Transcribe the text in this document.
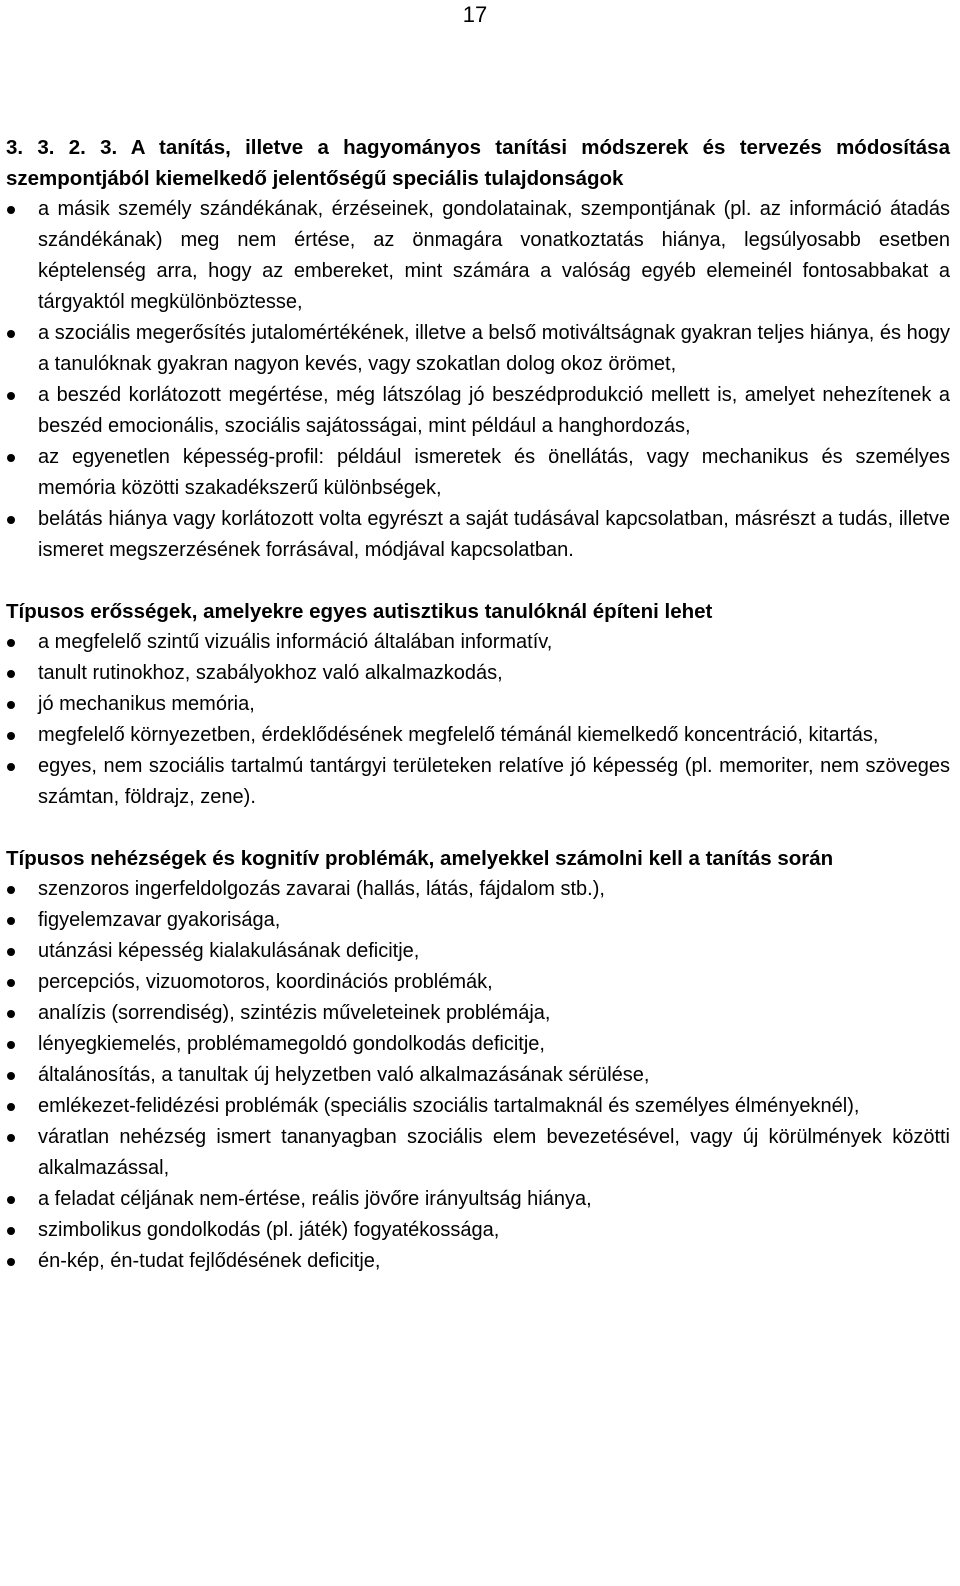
17
3. 3. 2. 3. A tanítás, illetve a hagyományos tanítási módszerek és tervezés módosítása szempontjából kiemelkedő jelentőségű speciális tulajdonságok
a másik személy szándékának, érzéseinek, gondolatainak, szempontjának (pl. az információ átadás szándékának) meg nem értése, az önmagára vonatkoztatás hiánya, legsúlyosabb esetben képtelenség arra, hogy az embereket, mint számára a valóság egyéb elemeinél fontosabbakat a tárgyaktól megkülönböztesse,
a szociális megerősítés jutalomértékének, illetve a belső motiváltságnak gyakran teljes hiánya, és hogy a tanulóknak gyakran nagyon kevés, vagy szokatlan dolog okoz örömet,
a beszéd korlátozott megértése, még látszólag jó beszédprodukció mellett is, amelyet nehezítenek a beszéd emocionális, szociális sajátosságai, mint például a hanghordozás,
az egyenetlen képesség-profil: például ismeretek és önellátás, vagy mechanikus és személyes memória közötti szakadékszerű különbségek,
belátás hiánya vagy korlátozott volta egyrészt a saját tudásával kapcsolatban, másrészt a tudás, illetve ismeret megszerzésének forrásával, módjával kapcsolatban.
Típusos erősségek, amelyekre egyes autisztikus tanulóknál építeni lehet
a megfelelő szintű vizuális információ általában informatív,
tanult rutinokhoz, szabályokhoz való alkalmazkodás,
jó mechanikus memória,
megfelelő környezetben, érdeklődésének megfelelő témánál kiemelkedő koncentráció, kitartás,
egyes, nem szociális tartalmú tantárgyi területeken relatíve jó képesség (pl. memoriter, nem szöveges számtan, földrajz, zene).
Típusos nehézségek és kognitív problémák, amelyekkel számolni kell a tanítás során
szenzoros ingerfeldolgozás zavarai (hallás, látás, fájdalom stb.),
figyelemzavar gyakorisága,
utánzási képesség kialakulásának deficitje,
percepciós, vizuomotoros, koordinációs problémák,
analízis (sorrendiség), szintézis műveleteinek problémája,
lényegkiemelés, problémamegoldó gondolkodás deficitje,
általánosítás, a tanultak új helyzetben való alkalmazásának sérülése,
emlékezet-felidézési problémák (speciális szociális tartalmaknál és személyes élményeknél),
váratlan nehézség ismert tananyagban szociális elem bevezetésével, vagy új körülmények közötti alkalmazással,
a feladat céljának nem-értése, reális jövőre irányultság hiánya,
szimbolikus gondolkodás (pl. játék) fogyatékossága,
én-kép, én-tudat fejlődésének deficitje,
